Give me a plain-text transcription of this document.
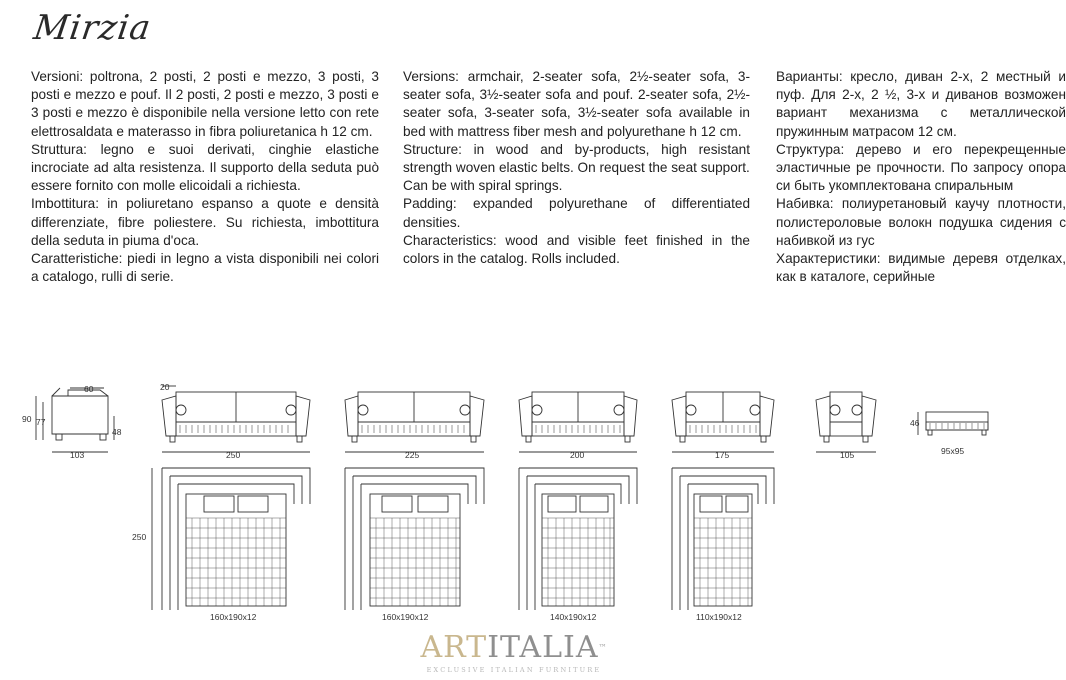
Mirzia

Versioni: poltrona, 2 posti, 2 posti e mezzo, 3 posti, 3 posti e mezzo e pouf. Il 2 posti, 2 posti e mezzo, 3 posti e 3 posti e mezzo è disponibile nella versione letto con rete elettrosaldata e materasso in fibra poliuretanica h 12 cm.

Struttura: legno e suoi derivati, cinghie elastiche incrociate ad alta resistenza. Il supporto della seduta può essere fornito con molle elicoidali a richiesta.

Imbottitura: in poliuretano espanso a quote e densità differenziate, fibre poliestere. Su richiesta, imbottitura della seduta in piuma d'oca.

Caratteristiche: piedi in legno a vista disponibili nei colori a catalogo, rulli di serie.

Versions: armchair, 2-seater sofa, 2½-seater sofa, 3-seater sofa, 3½-seater sofa and pouf. 2-seater sofa, 2½- seater sofa, 3-seater sofa, 3½-seater sofa available in bed with mattress fiber mesh and polyurethane h 12 cm.

Structure: in wood and by-products, high resistant strength woven elastic belts. On request the seat support.

Can be with spiral springs.

Padding: expanded polyurethane of differentiated densities.

Characteristics: wood and visible feet finished in the colors in the catalog. Rolls included.

Варианты: кресло, диван 2-х, 2 местный и пуф. Для 2-х, 2 ½, 3-х и диванов возможен вариант механизма с металлической пружинным матрасом 12 см.

Структура: дерево и его перекрещенные эластичные ре прочности. По запросу опора си быть укомплектована спиральным

Набивка: полиуретановый каучу плотности, полистероловые волокн подушка сидения с набивкой из гус

Характеристики: видимые деревя отделках, как в каталоге, серийные

60
103
90 77
48
20
250	225	200	175	105
46
95x95
250
160x190x12	160x190x12	140x190x12	110x190x12
ARTITALIA™
EXCLUSIVE ITALIAN FURNITURE
